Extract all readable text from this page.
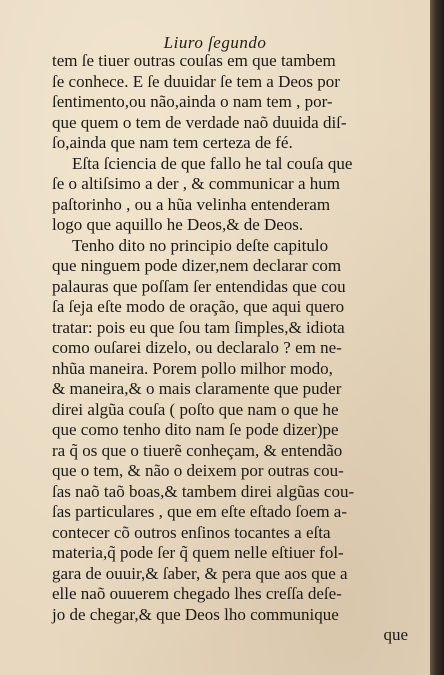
Liuro ſegundo
tem ſe tiuer outras couſas em que tambem
ſe conhece. E ſe duuidar ſe tem a Deos por
ſentimento,ou não,ainda o nam tem , por-
que quem o tem de verdade naõ duuida diſ-
ſo,ainda que nam tem certeza de fé.
Eſta ſciencia de que fallo he tal couſa que
ſe o altiſsimo a der , & communicar a hum
paſtorinho , ou a hũa velinha entenderam
logo que aquillo he Deos,& de Deos.
Tenho dito no principio deſte capitulo
que ninguem pode dizer,nem declarar com
palauras que poſſam ſer entendidas que cou
ſa ſeja eſte modo de oração, que aqui quero
tratar: pois eu que ſou tam ſimples,& idiota
como ouſarei dizelo, ou declaralo ? em ne-
nhũa maneira. Porem pollo milhor modo,
& maneira,& o mais claramente que puder
direi algũa couſa ( poſto que nam o que he
que como tenho dito nam ſe pode dizer)pe
ra q̃ os que o tiuerẽ conheçam, & entendão
que o tem, & não o deixem por outras cou-
ſas naõ taõ boas,& tambem direi algũas cou-
ſas particulares , que em eſte eſtado ſoem a-
contecer cõ outros enſinos tocantes a eſta
materia,q̃ pode ſer q̃ quem nelle eſtiuer fol-
gara de ouuir,& ſaber, & pera que aos que a
elle naõ ouuerem chegado lhes creſſa deſe-
jo de chegar,& que Deos lho communique
que
